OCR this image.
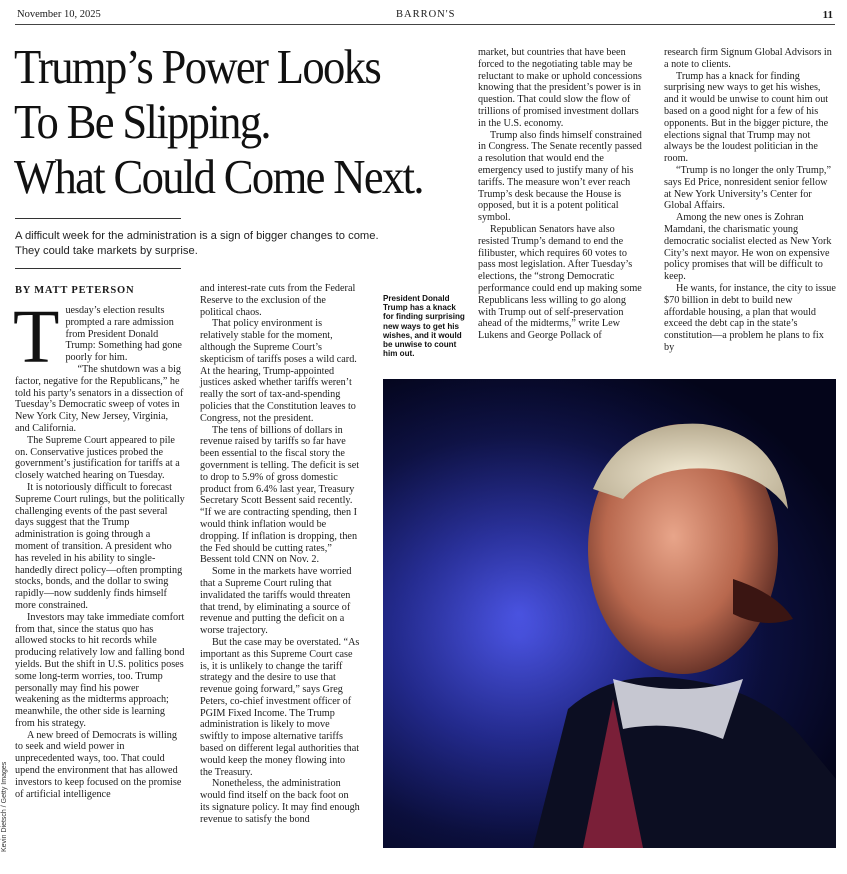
November 10, 2025	BARRON'S	11
Trump’s Power Looks
To Be Slipping.
What Could Come Next.
A difficult week for the administration is a sign of bigger changes to come. They could take markets by surprise.
BY MATT PETERSON

Tuesday’s election results prompted a rare admission from President Donald Trump: Something had gone poorly for him.

“The shutdown was a big factor, negative for the Republicans,” he told his party’s senators in a dissection of Tuesday’s Democratic sweep of votes in New York City, New Jersey, Virginia, and California.

The Supreme Court appeared to pile on. Conservative justices probed the government’s justification for tariffs at a closely watched hearing on Tuesday.

It is notoriously difficult to forecast Supreme Court rulings, but the politically challenging events of the past several days suggest that the Trump administration is going through a moment of transition. A president who has reveled in his ability to single-handedly direct policy—often prompting stocks, bonds, and the dollar to swing rapidly—now suddenly finds himself more constrained.

Investors may take immediate comfort from that, since the status quo has allowed stocks to hit records while producing relatively low and falling bond yields. But the shift in U.S. politics poses some long-term worries, too. Trump personally may find his power weakening as the midterms approach; meanwhile, the other side is learning from his strategy.

A new breed of Democrats is willing to seek and wield power in unprecedented ways, too. That could upend the environment that has allowed investors to keep focused on the promise of artificial intelligence

and interest-rate cuts from the Federal Reserve to the exclusion of the political chaos.

That policy environment is relatively stable for the moment, although the Supreme Court’s skepticism of tariffs poses a wild card. At the hearing, Trump-appointed justices asked whether tariffs weren’t really the sort of tax-and-spending policies that the Constitution leaves to Congress, not the president.

The tens of billions of dollars in revenue raised by tariffs so far have been essential to the fiscal story the government is telling. The deficit is set to drop to 5.9% of gross domestic product from 6.4% last year, Treasury Secretary Scott Bessent said recently. “If we are contracting spending, then I would think inflation would be dropping. If inflation is dropping, then the Fed should be cutting rates,” Bessent told CNN on Nov. 2.

Some in the markets have worried that a Supreme Court ruling that invalidated the tariffs would threaten that trend, by eliminating a source of revenue and putting the deficit on a worse trajectory.

But the case may be overstated. “As important as this Supreme Court case is, it is unlikely to change the tariff strategy and the desire to use that revenue going forward,” says Greg Peters, co-chief investment officer of PGIM Fixed Income. The Trump administration is likely to move swiftly to impose alternative tariffs based on different legal authorities that would keep the money flowing into the Treasury.

Nonetheless, the administration would find itself on the back foot on its signature policy. It may find enough revenue to satisfy the bond

market, but countries that have been forced to the negotiating table may be reluctant to make or uphold concessions knowing that the president’s power is in question. That could slow the flow of trillions of promised investment dollars in the U.S. economy.

Trump also finds himself constrained in Congress. The Senate recently passed a resolution that would end the emergency used to justify many of his tariffs. The measure won’t ever reach Trump’s desk because the House is opposed, but it is a potent political symbol.

Republican Senators have also resisted Trump’s demand to end the filibuster, which requires 60 votes to pass most legislation. After Tuesday’s elections, the “strong Democratic performance could end up making some Republicans less willing to go along with Trump out of self-preservation ahead of the midterms,” write Lew Lukens and George Pollack of

research firm Signum Global Advisors in a note to clients.

Trump has a knack for finding surprising new ways to get his wishes, and it would be unwise to count him out based on a good night for a few of his opponents. But in the bigger picture, the elections signal that Trump may not always be the loudest politician in the room.

“Trump is no longer the only Trump,” says Ed Price, nonresident senior fellow at New York University’s Center for Global Affairs.

Among the new ones is Zohran Mamdani, the charismatic young democratic socialist elected as New York City’s next mayor. He won on expensive policy promises that will be difficult to keep.

He wants, for instance, the city to issue $70 billion in debt to build new affordable housing, a plan that would exceed the debt cap in the state’s constitution—a problem he plans to fix by

President Donald Trump has a knack for finding surprising new ways to get his wishes, and it would be unwise to count him out.
Kevin Dietsch / Getty Images
